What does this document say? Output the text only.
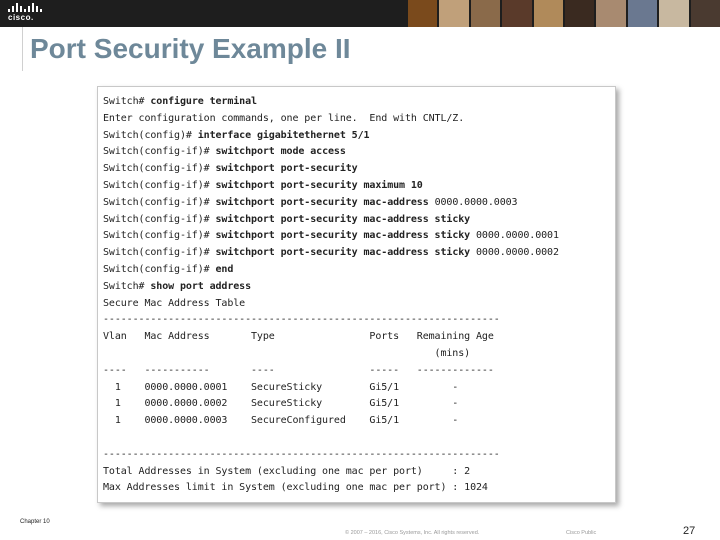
cisco.
Port Security Example II
Switch# configure terminal
Enter configuration commands, one per line.  End with CNTL/Z.
Switch(config)# interface gigabitethernet 5/1
Switch(config-if)# switchport mode access
Switch(config-if)# switchport port-security
Switch(config-if)# switchport port-security maximum 10
Switch(config-if)# switchport port-security mac-address 0000.0000.0003
Switch(config-if)# switchport port-security mac-address sticky
Switch(config-if)# switchport port-security mac-address sticky 0000.0000.0001
Switch(config-if)# switchport port-security mac-address sticky 0000.0000.0002
Switch(config-if)# end
Switch# show port address
Secure Mac Address Table
-------------------------------------------------------------------
Vlan   Mac Address       Type                Ports   Remaining Age
(mins)
----   -----------       ----                -----   -------------
1    0000.0000.0001    SecureSticky        Gi5/1         -
1    0000.0000.0002    SecureSticky        Gi5/1         -
1    0000.0000.0003    SecureConfigured    Gi5/1         -
-------------------------------------------------------------------
Total Addresses in System (excluding one mac per port)     : 2
Max Addresses limit in System (excluding one mac per port) : 1024
Chapter 10
© 2007 – 2016, Cisco Systems, Inc. All rights reserved.	Cisco Public	27
